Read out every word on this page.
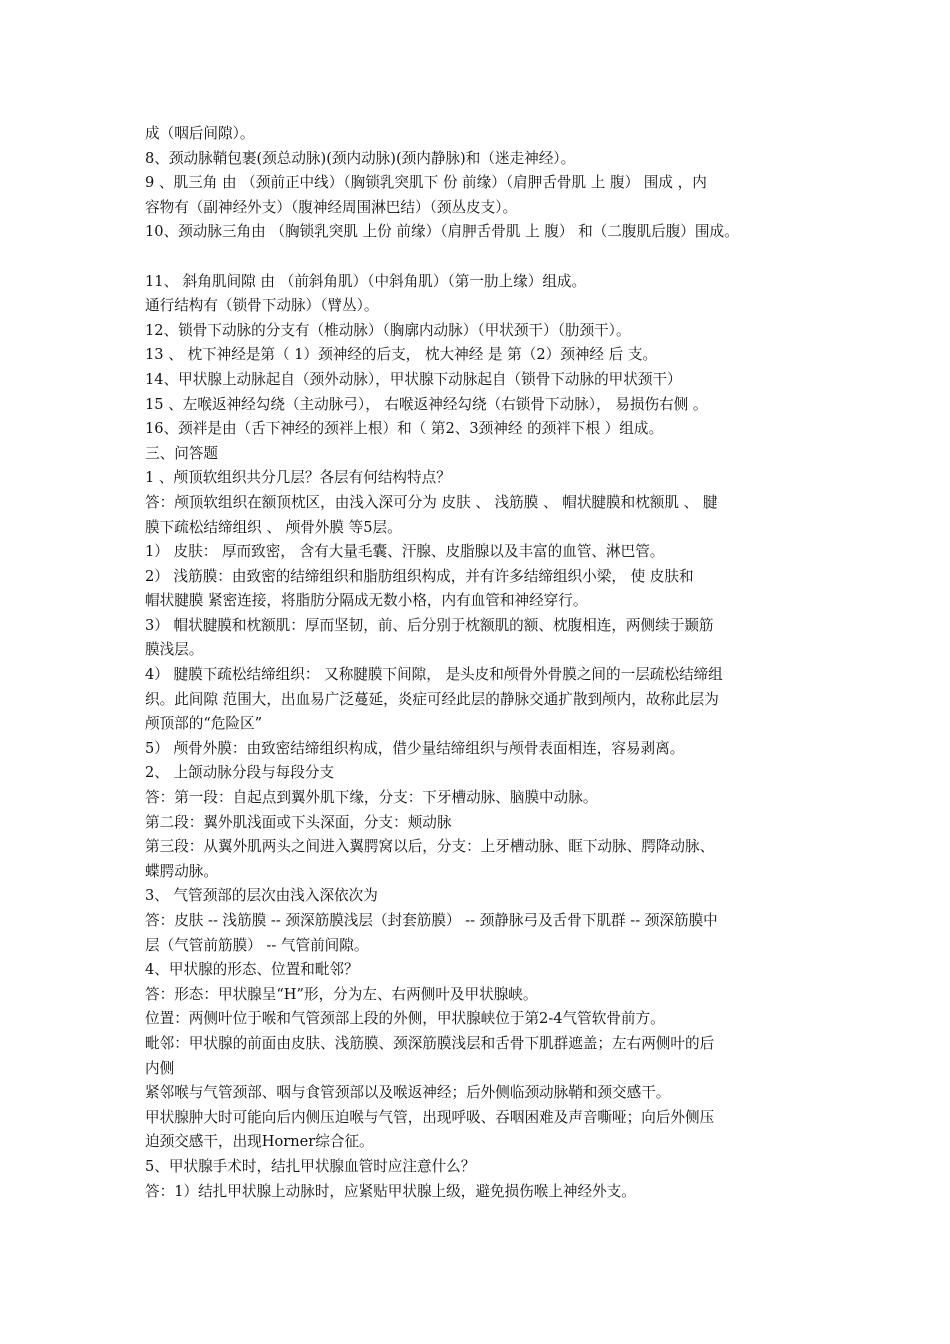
成（咽后间隙）。
8、颈动脉鞘包裹(颈总动脉)(颈内动脉)(颈内静脉)和（迷走神经）。
9 、肌三角 由 （颈前正中线）（胸锁乳突肌下 份 前缘）（肩胛舌骨肌 上 腹） 围成 ，内
容物有（副神经外支）（腹神经周围淋巴结）（颈丛皮支）。
10、颈动脉三角由 （胸锁乳突肌 上份 前缘）（肩胛舌骨肌 上 腹） 和（二腹肌后腹）围成。
11、 斜角肌间隙 由 （前斜角肌）（中斜角肌）（第一肋上缘）组成。
通行结构有（锁骨下动脉）（臂丛）。
12、锁骨下动脉的分支有（椎动脉）（胸廓内动脉）（甲状颈干）（肋颈干）。
13 、 枕下神经是第（ 1）颈神经的后支， 枕大神经 是 第（2）颈神经 后 支。
14、甲状腺上动脉起自（颈外动脉），甲状腺下动脉起自（锁骨下动脉的甲状颈干）
15 、左喉返神经勾绕（主动脉弓）， 右喉返神经勾绕（右锁骨下动脉）， 易损伤右侧 。
16、颈袢是由（舌下神经的颈袢上根）和（ 第2、3颈神经 的颈袢下根 ）组成。
三、问答题
1 、颅顶软组织共分几层？各层有何结构特点？
答：颅顶软组织在额顶枕区，由浅入深可分为 皮肤 、 浅筋膜 、 帽状腱膜和枕额肌 、 腱
膜下疏松结缔组织 、 颅骨外膜 等5层。
1） 皮肤： 厚而致密， 含有大量毛囊、汗腺、皮脂腺以及丰富的血管、淋巴管。
2） 浅筋膜：由致密的结缔组织和脂肪组织构成，并有许多结缔组织小梁， 使 皮肤和
帽状腱膜 紧密连接，将脂肪分隔成无数小格，内有血管和神经穿行。
3） 帽状腱膜和枕额肌：厚而坚韧，前、后分别于枕额肌的额、枕腹相连，两侧续于颞筋
膜浅层。
4） 腱膜下疏松结缔组织： 又称腱膜下间隙， 是头皮和颅骨外骨膜之间的一层疏松结缔组
织。此间隙 范围大，出血易广泛蔓延，炎症可经此层的静脉交通扩散到颅内，故称此层为
颅顶部的“危险区”
5） 颅骨外膜：由致密结缔组织构成，借少量结缔组织与颅骨表面相连，容易剥离。
2、 上颌动脉分段与每段分支
答：第一段：自起点到翼外肌下缘，分支：下牙槽动脉、脑膜中动脉。
第二段：翼外肌浅面或下头深面，分支：颊动脉
第三段：从翼外肌两头之间进入翼腭窝以后，分支：上牙槽动脉、眶下动脉、腭降动脉、
蝶腭动脉。
3、 气管颈部的层次由浅入深依次为
答：皮肤 -- 浅筋膜 -- 颈深筋膜浅层（封套筋膜） -- 颈静脉弓及舌骨下肌群 -- 颈深筋膜中
层（气管前筋膜） -- 气管前间隙。
4、甲状腺的形态、位置和毗邻？
答：形态：甲状腺呈“H”形，分为左、右两侧叶及甲状腺峡。
位置：两侧叶位于喉和气管颈部上段的外侧，甲状腺峡位于第2-4气管软骨前方。
毗邻：甲状腺的前面由皮肤、浅筋膜、颈深筋膜浅层和舌骨下肌群遮盖；左右两侧叶的后
内侧
紧邻喉与气管颈部、咽与食管颈部以及喉返神经；后外侧临颈动脉鞘和颈交感干。
甲状腺肿大时可能向后内侧压迫喉与气管，出现呼吸、吞咽困难及声音嘶哑；向后外侧压
迫颈交感干，出现Horner综合征。
5、甲状腺手术时，结扎甲状腺血管时应注意什么？
答：1）结扎甲状腺上动脉时，应紧贴甲状腺上级，避免损伤喉上神经外支。
